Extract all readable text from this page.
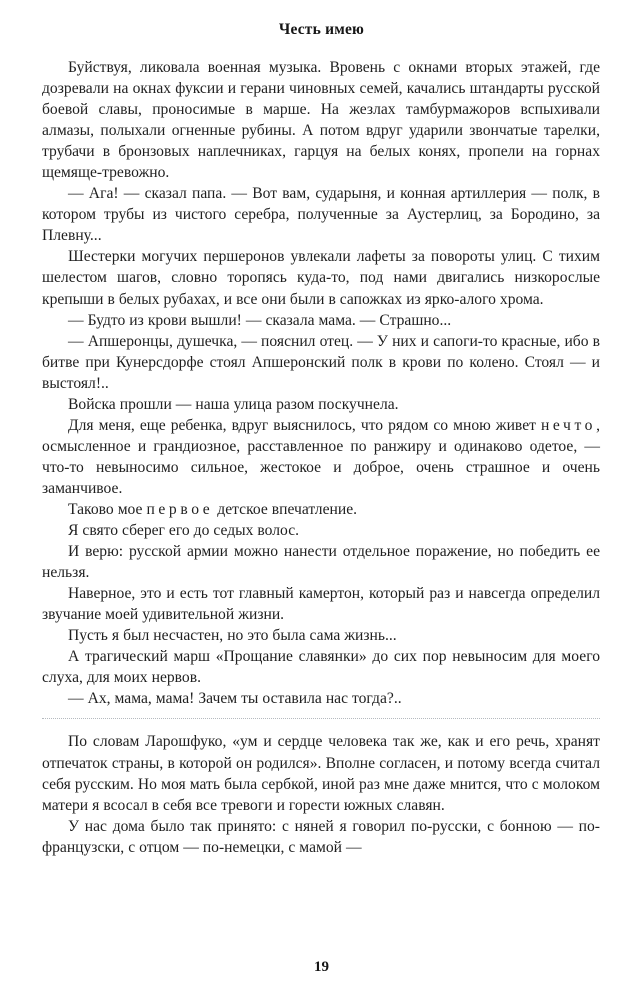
Честь имею

Буйствуя, ликовала военная музыка. Вровень с окнами вторых этажей, где дозревали на окнах фуксии и герани чиновных семей, качались штандарты русской боевой славы, проносимые в марше. На жезлах тамбурмажоров вспыхивали алмазы, полыхали огненные рубины. А потом вдруг ударили звончатые тарелки, трубачи в бронзовых наплечниках, гарцуя на белых конях, пропели на горнах щемяще-тревожно.

— Ага! — сказал папа. — Вот вам, сударыня, и конная артиллерия — полк, в котором трубы из чистого серебра, полученные за Аустерлиц, за Бородино, за Плевну...

Шестерки могучих першеронов увлекали лафеты за повороты улиц. С тихим шелестом шагов, словно торопясь куда-то, под нами двигались низкорослые крепыши в белых рубахах, и все они были в сапожках из ярко-алого хрома.

— Будто из крови вышли! — сказала мама. — Страшно...

— Апшеронцы, душечка, — пояснил отец. — У них и сапоги-то красные, ибо в битве при Кунерсдорфе стоял Апшеронский полк в крови по колено. Стоял — и выстоял!..

Войска прошли — наша улица разом поскучнела.

Для меня, еще ребенка, вдруг выяснилось, что рядом со мною живет нечто, осмысленное и грандиозное, расставленное по ранжиру и одинаково одетое, — что-то невыносимо сильное, жестокое и доброе, очень страшное и очень заманчивое.

Таково мое первое детское впечатление.

Я свято сберег его до седых волос.

И верю: русской армии можно нанести отдельное поражение, но победить ее нельзя.

Наверное, это и есть тот главный камертон, который раз и навсегда определил звучание моей удивительной жизни.

Пусть я был несчастен, но это была сама жизнь...

А трагический марш «Прощание славянки» до сих пор невыносим для моего слуха, для моих нервов.

— Ах, мама, мама! Зачем ты оставила нас тогда?..

По словам Ларошфуко, «ум и сердце человека так же, как и его речь, хранят отпечаток страны, в которой он родился». Вполне согласен, и потому всегда считал себя русским. Но моя мать была сербкой, иной раз мне даже мнится, что с молоком матери я всосал в себя все тревоги и горести южных славян.

У нас дома было так принято: с няней я говорил по-русски, с бонною — по-французски, с отцом — по-немецки, с мамой —

19
